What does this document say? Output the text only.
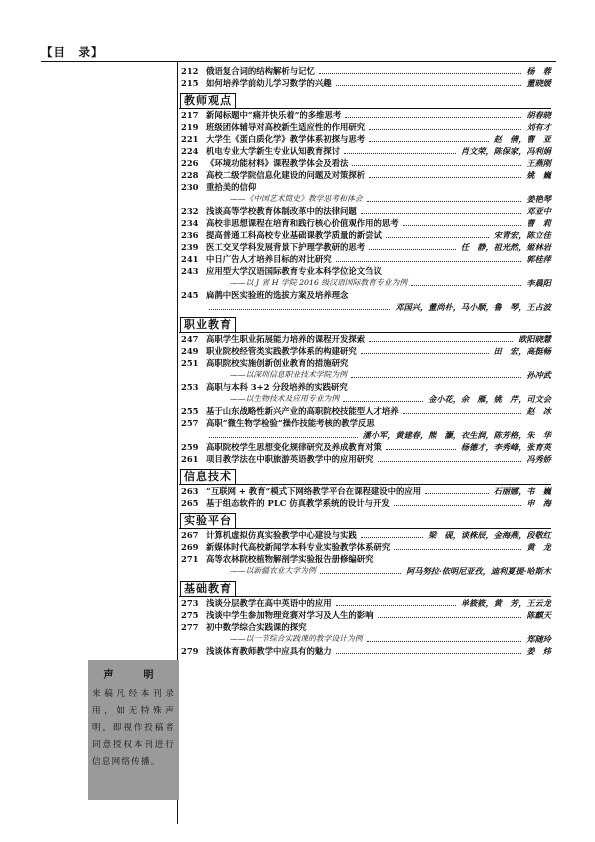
【目　录】
212 俄语复合词的结构解析与记忆	杨　蓉
215 如何培养学前幼儿学习数学的兴趣	董晓媛
教师观点
217 新闻标题中“痛并快乐着”的多维思考	胡春晓
219 班级团体辅导对高校新生适应性的作用研究	刘有才
221 大学生《蛋白质化学》教学体系初探与思考	赵　倩，曹　亚
224 机电专业大学新生专业认知教育探讨	肖文荣，陈保家，冯利娟
226 《环境功能材料》课程教学体会及看法	王燕刚
228 高校二级学院信息化建设的问题及对策探析	姚　巍
230 重拾美的信仰
——《中国艺术简史》教学思考和体会	姜艳琴
232 浅谈高等学校教育体制改革中的法律问题	邓亚中
234 高校非思想课程在培育和践行核心价值观作用的思考	曹　莉
236 提高普通工科高校专业基础课教学质量的新尝试	宋青宏，陈立佳
239 医工交叉学科发展背景下护理学教研的思考	任　静，祖光然，姬林岩
241 中日广告人才培养目标的对比研究	郭桂萍
243 应用型大学汉语国际教育专业本科学位论文刍议
——以 J 省 H 学院 2016 级汉语国际教育专业为例	李晨阳
245 扁鹊中医实验班的选拔方案及培养理念
邓国兴，董尚朴，马小顺，鲁　琴，王占波
职业教育
247 高职学生职业拓展能力培养的课程开发探索	欧阳晓慧
249 职业院校经管类实践教学体系的构建研究	田　宏，高挺畅
251 高职院校实施创新创业教育的措施研究
——以深圳信息职业技术学院为例	孙冲武
253 高职与本科 3+2 分段培养的实践研究
——以生物技术及应用专业为例	金小花，余　雁，姚　芹，司文会
255 基于山东战略性新兴产业的高职院校技能型人才培养	赵　冰
257 高职“微生物学检验”操作技能考核的教学反思
潘小军，黄建春，熊　灏，衣生润，陈芳格，朱　华
259 高职院校学生思想变化规律研究及养成教育对策	杨德才，李秀峰，张育英
261 项目教学法在中职旅游英语教学中的应用研究	冯秀娇
信息技术
263 “互联网 + 教育”模式下网络教学平台在课程建设中的应用	石丽娜，韦　巍
265 基于组态软件的 PLC 仿真教学系统的设计与开发	申　海
实验平台
267 计算机虚拟仿真实验教学中心建设与实践	梁　砚，谈株辰，金海燕，段敬红
269 新媒体时代高校新闻学本科专业实验教学体系研究	黄　龙
271 高等农林院校植物解剖学实验报告册修编研究
——以新疆农业大学为例	阿马努拉·依明尼亚孜，迪利夏提·哈斯木
基础教育
273 浅谈分层教学在高中英语中的应用	单筱筱，黄　芳，王云龙
275 浅谈中学生参加物理竞赛对学习及人生的影响	陈麒天
277 初中数学综合实践课的探究
——以一节综合实践课的教学设计为例	郑随玲
279 浅谈体育教师教学中应具有的魅力	姜　炜
声　明
来稿凡经本刊录用，如无特殊声明，即视作投稿者同意授权本刊进行信息网络传播。
